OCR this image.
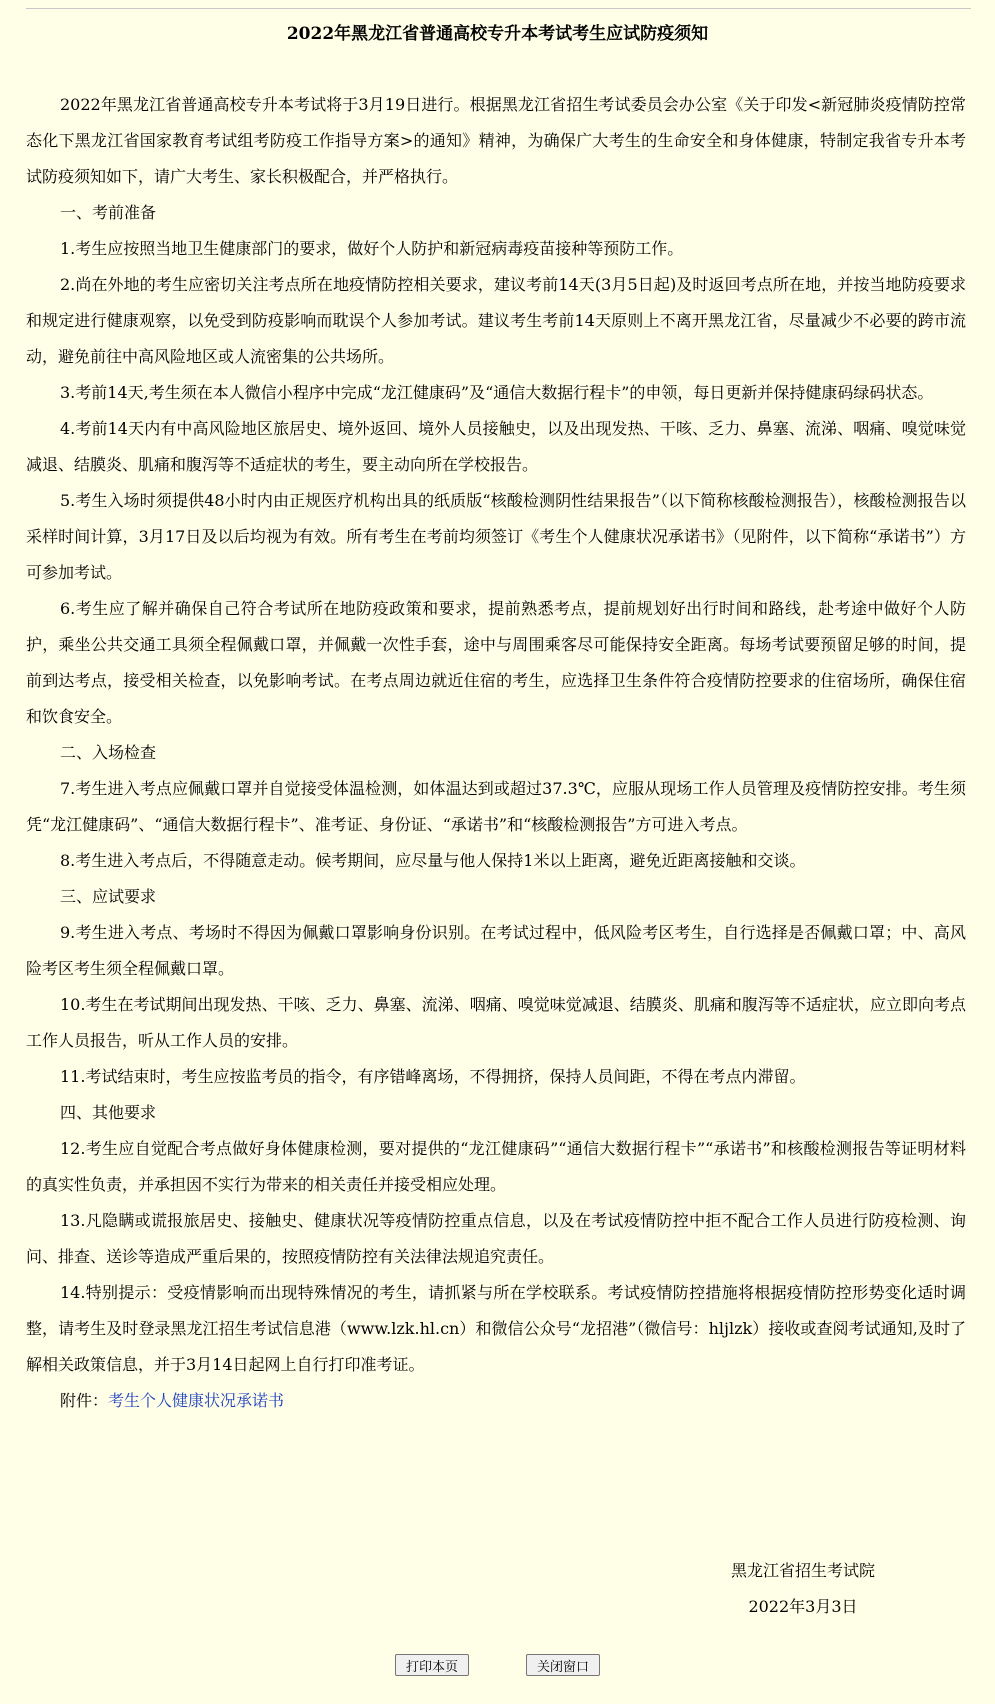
2022年黑龙江省普通高校专升本考试考生应试防疫须知

2022年黑龙江省普通高校专升本考试将于3月19日进行。根据黑龙江省招生考试委员会办公室《关于印发<新冠肺炎疫情防控常态化下黑龙江省国家教育考试组考防疫工作指导方案>的通知》精神，为确保广大考生的生命安全和身体健康，特制定我省专升本考试防疫须知如下，请广大考生、家长积极配合，并严格执行。

一、考前准备

1.考生应按照当地卫生健康部门的要求，做好个人防护和新冠病毒疫苗接种等预防工作。

2.尚在外地的考生应密切关注考点所在地疫情防控相关要求，建议考前14天(3月5日起)及时返回考点所在地，并按当地防疫要求和规定进行健康观察，以免受到防疫影响而耽误个人参加考试。建议考生考前14天原则上不离开黑龙江省，尽量减少不必要的跨市流动，避免前往中高风险地区或人流密集的公共场所。

3.考前14天,考生须在本人微信小程序中完成“龙江健康码”及“通信大数据行程卡”的申领，每日更新并保持健康码绿码状态。

4.考前14天内有中高风险地区旅居史、境外返回、境外人员接触史，以及出现发热、干咳、乏力、鼻塞、流涕、咽痛、嗅觉味觉减退、结膜炎、肌痛和腹泻等不适症状的考生，要主动向所在学校报告。

5.考生入场时须提供48小时内由正规医疗机构出具的纸质版“核酸检测阴性结果报告”（以下简称核酸检测报告），核酸检测报告以采样时间计算，3月17日及以后均视为有效。所有考生在考前均须签订《考生个人健康状况承诺书》（见附件，以下简称“承诺书”）方可参加考试。

6.考生应了解并确保自己符合考试所在地防疫政策和要求，提前熟悉考点，提前规划好出行时间和路线，赴考途中做好个人防护，乘坐公共交通工具须全程佩戴口罩，并佩戴一次性手套，途中与周围乘客尽可能保持安全距离。每场考试要预留足够的时间，提前到达考点，接受相关检查，以免影响考试。在考点周边就近住宿的考生，应选择卫生条件符合疫情防控要求的住宿场所，确保住宿和饮食安全。

二、入场检查

7.考生进入考点应佩戴口罩并自觉接受体温检测，如体温达到或超过37.3℃，应服从现场工作人员管理及疫情防控安排。考生须凭“龙江健康码”、“通信大数据行程卡”、准考证、身份证、“承诺书”和“核酸检测报告”方可进入考点。

8.考生进入考点后，不得随意走动。候考期间，应尽量与他人保持1米以上距离，避免近距离接触和交谈。

三、应试要求

9.考生进入考点、考场时不得因为佩戴口罩影响身份识别。在考试过程中，低风险考区考生，自行选择是否佩戴口罩；中、高风险考区考生须全程佩戴口罩。

10.考生在考试期间出现发热、干咳、乏力、鼻塞、流涕、咽痛、嗅觉味觉减退、结膜炎、肌痛和腹泻等不适症状，应立即向考点工作人员报告，听从工作人员的安排。

11.考试结束时，考生应按监考员的指令，有序错峰离场，不得拥挤，保持人员间距，不得在考点内滞留。

四、其他要求

12.考生应自觉配合考点做好身体健康检测，要对提供的“龙江健康码”“通信大数据行程卡”“承诺书”和核酸检测报告等证明材料的真实性负责，并承担因不实行为带来的相关责任并接受相应处理。

13.凡隐瞒或谎报旅居史、接触史、健康状况等疫情防控重点信息，以及在考试疫情防控中拒不配合工作人员进行防疫检测、询问、排查、送诊等造成严重后果的，按照疫情防控有关法律法规追究责任。

14.特别提示：受疫情影响而出现特殊情况的考生，请抓紧与所在学校联系。考试疫情防控措施将根据疫情防控形势变化适时调整，请考生及时登录黑龙江招生考试信息港（www.lzk.hl.cn）和微信公众号“龙招港”（微信号：hljlzk）接收或查阅考试通知,及时了解相关政策信息，并于3月14日起网上自行打印准考证。

附件：考生个人健康状况承诺书

黑龙江省招生考试院
2022年3月3日
打印本页	关闭窗口
